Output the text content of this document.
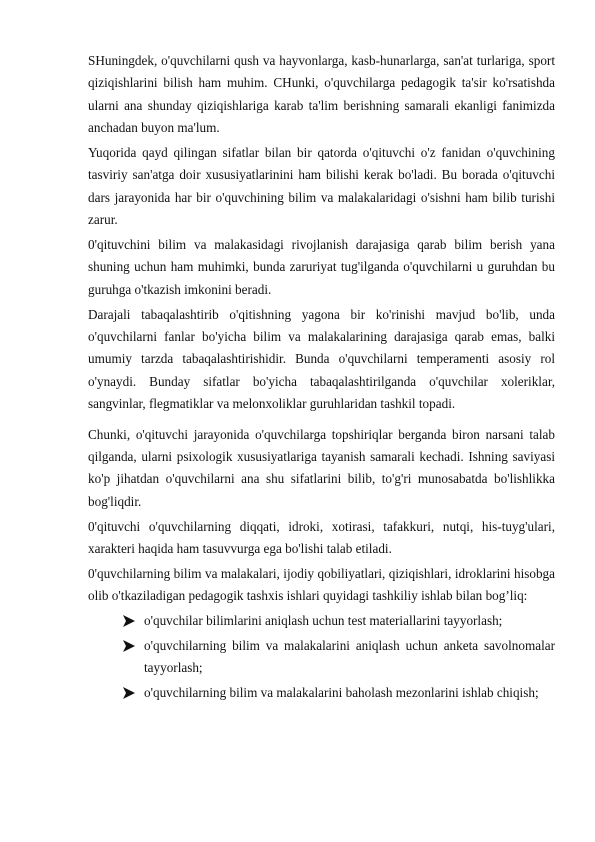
SHuningdek, o'quvchilarni qush va hayvonlarga, kasb-hunarlarga, san'at turlariga, sport qiziqishlarini bilish ham muhim. CHunki, o'quvchilarga pedagogik ta'sir ko'rsatishda ularni ana shunday qiziqishlariga karab ta'lim berishning samarali ekanligi fanimizda anchadan buyon ma'lum.

Yuqorida qayd qilingan sifatlar bilan bir qatorda o'qituvchi o'z fanidan o'quvchining tasviriy san'atga doir xususiyatlarinini ham bilishi kerak bo'ladi. Bu borada o'qituvchi dars jarayonida har bir o'quvchining bilim va malakalaridagi o'sishni ham bilib turishi zarur.

0'qituvchini bilim va malakasidagi rivojlanish darajasiga qarab bilim berish yana shuning uchun ham muhimki, bunda zaruriyat tug'ilganda o'quvchilarni u guruhdan bu guruhga o'tkazish imkonini beradi.

Darajali tabaqalashtirib o'qitishning yagona bir ko'rinishi mavjud bo'lib, unda o'quvchilarni fanlar bo'yicha bilim va malakalarining darajasiga qarab emas, balki umumiy tarzda tabaqalashtirishidir. Bunda o'quvchilarni temperamenti asosiy rol o'ynaydi. Bunday sifatlar bo'yicha tabaqalashtirilganda o'quvchilar xoleriklar, sangvinlar, flegmatiklar va melonxoliklar guruhlaridan tashkil topadi.

Chunki, o'qituvchi jarayonida o'quvchilarga topshiriqlar berganda biron narsani talab qilganda, ularni psixologik xususiyatlariga tayanish samarali kechadi. Ishning saviyasi ko'p jihatdan o'quvchilarni ana shu sifatlarini bilib, to'g'ri munosabatda bo'lishlikka bog'liqdir.

0'qituvchi o'quvchilarning diqqati, idroki, xotirasi, tafakkuri, nutqi, his-tuyg'ulari, xarakteri haqida ham tasuvvurga ega bo'lishi talab etiladi.

0'quvchilarning bilim va malakalari, ijodiy qobiliyatlari, qiziqishlari, idroklarini hisobga olib o'tkaziladigan pedagogik tashxis ishlari quyidagi tashkiliy ishlab bilan bog’liq:

o'quvchilar bilimlarini aniqlash uchun test materiallarini tayyorlash;
o'quvchilarning bilim va malakalarini aniqlash uchun anketa savolnomalar tayyorlash;
o'quvchilarning bilim va malakalarini baholash mezonlarini ishlab chiqish;
